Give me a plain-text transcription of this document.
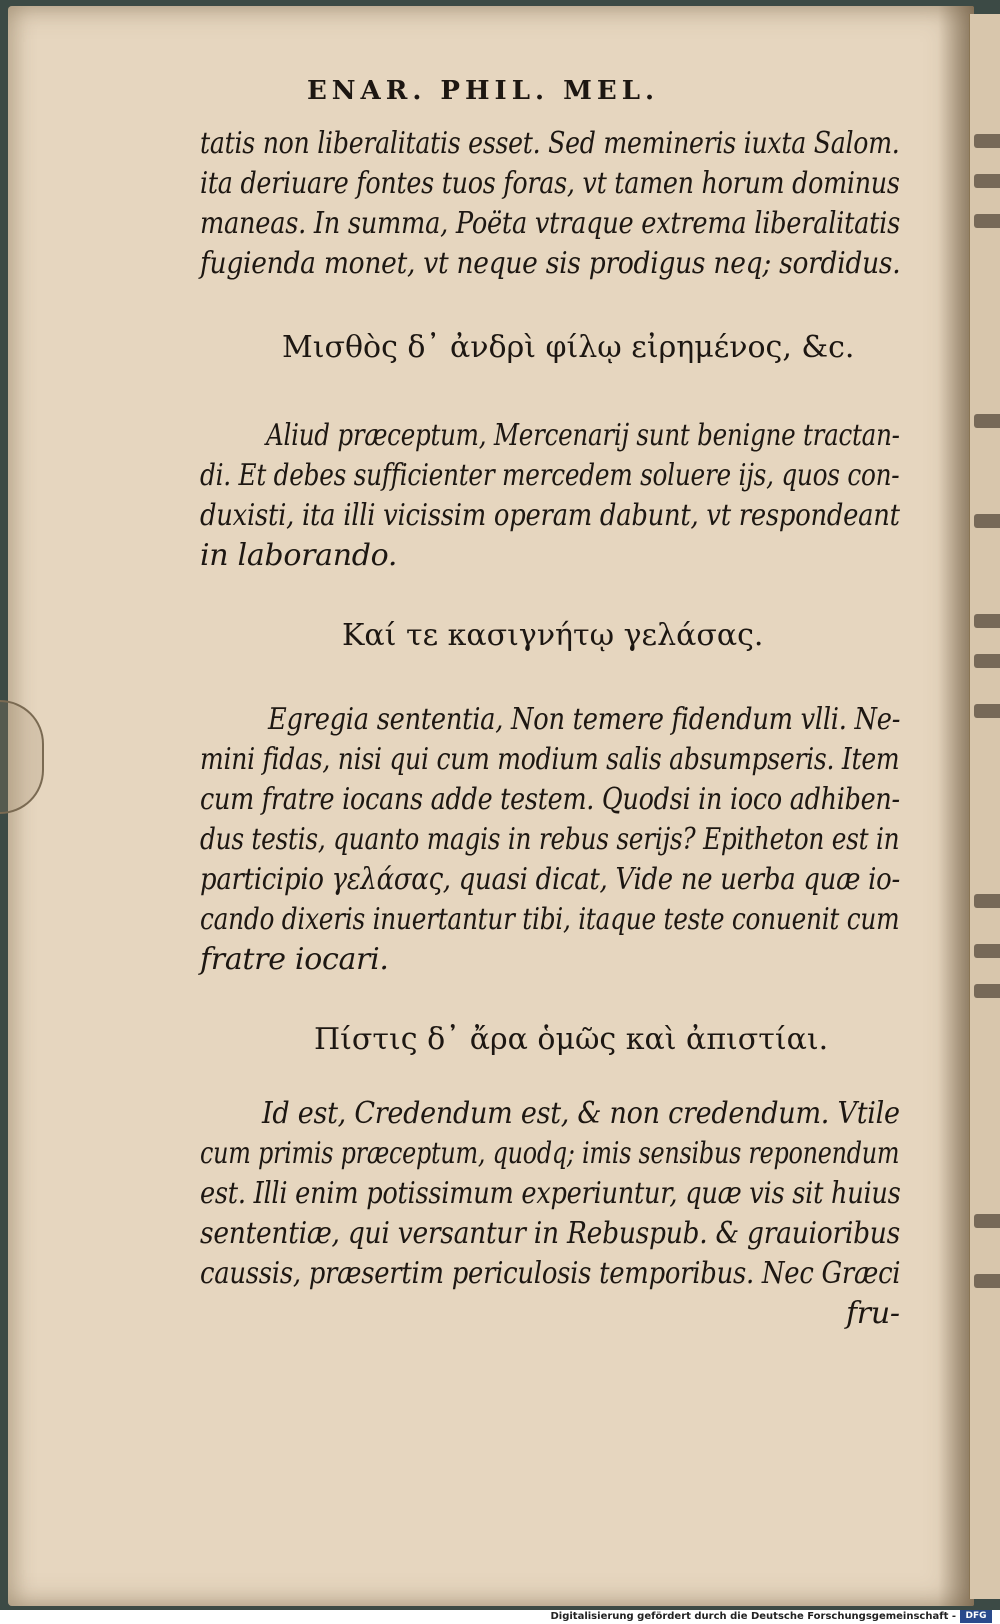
ENAR. PHIL. MEL.
tatis non liberalitatis esset. Sed memineris iuxta Salom.
ita deriuare fontes tuos foras, vt tamen horum dominus
maneas. In summa, Poëta vtraque extrema liberalitatis
fugienda monet, vt neque sis prodigus neq; sordidus.
Μισθὸς δ᾽ ἀνδρὶ φίλῳ εἰρημένος, &c.
Aliud præceptum, Mercenarij sunt benigne tractan-
di. Et debes sufficienter mercedem soluere ijs, quos con-
duxisti, ita illi vicissim operam dabunt, vt respondeant
in laborando.
Καί τε κασιγνήτῳ γελάσας.
Egregia sententia, Non temere fidendum vlli. Ne-
mini fidas, nisi qui cum modium salis absumpseris. Item
cum fratre iocans adde testem. Quodsi in ioco adhiben-
dus testis, quanto magis in rebus serijs? Epitheton est in
participio γελάσας, quasi dicat, Vide ne uerba quæ io-
cando dixeris inuertantur tibi, itaque teste conuenit cum
fratre iocari.
Πίστις δ᾽ ἄρα ὁμῶς καὶ ἀπιστίαι.
Id est, Credendum est, & non credendum. Vtile
cum primis præceptum, quodq; imis sensibus reponendum
est. Illi enim potissimum experiuntur, quæ vis sit huius
sententiæ, qui versantur in Rebuspub. & grauioribus
caussis, præsertim periculosis temporibus. Nec Græci
fru-
Digitalisierung gefördert durch die Deutsche Forschungsgemeinschaft -	DFG
